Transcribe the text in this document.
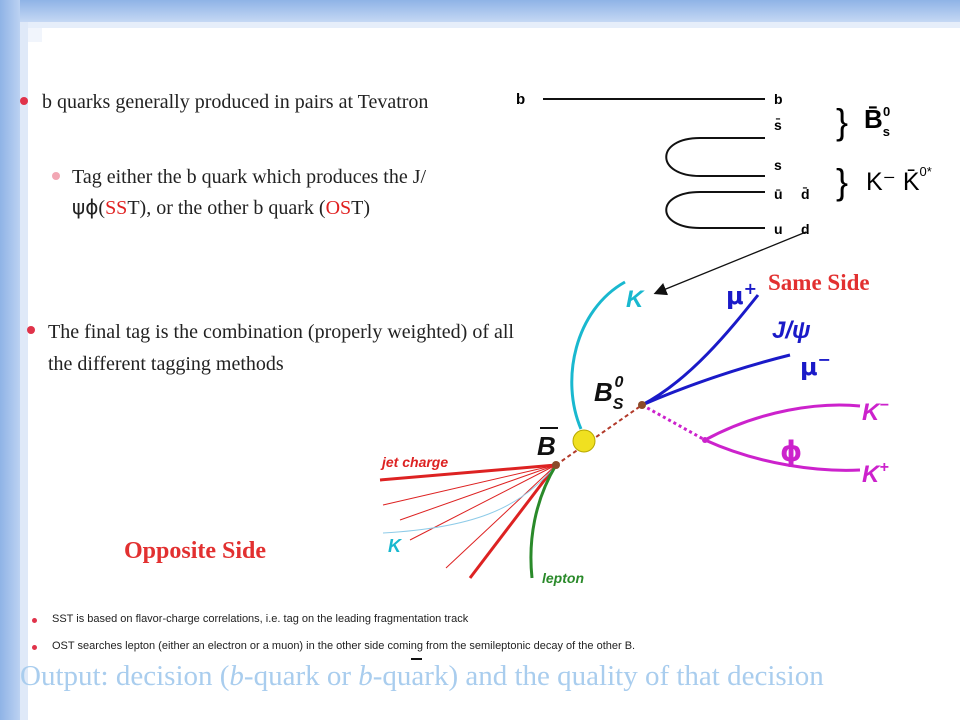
b quarks generally produced in pairs at Tevatron
Tag either the b quark which produces the J/ψϕ(SST), or the other b quark (OST)
The final tag is the combination (properly weighted) of all the different tagging methods
b	b
s̄
s
ū d̄
u d
}
}
$B̄_s0$
K⁻ K̄$^{0*}$
K	μ+
J/ψ
μ−
$B_S0$
B
K−
ϕ
K+
jet charge
K
lepton
Same Side
Opposite Side
SST is based on flavor-charge correlations, i.e. tag on the leading fragmentation track
OST searches lepton (either an electron or a muon) in the other side coming from the semileptonic decay of the other B.
Output: decision (b-quark or b-quark) and the quality of that decision
